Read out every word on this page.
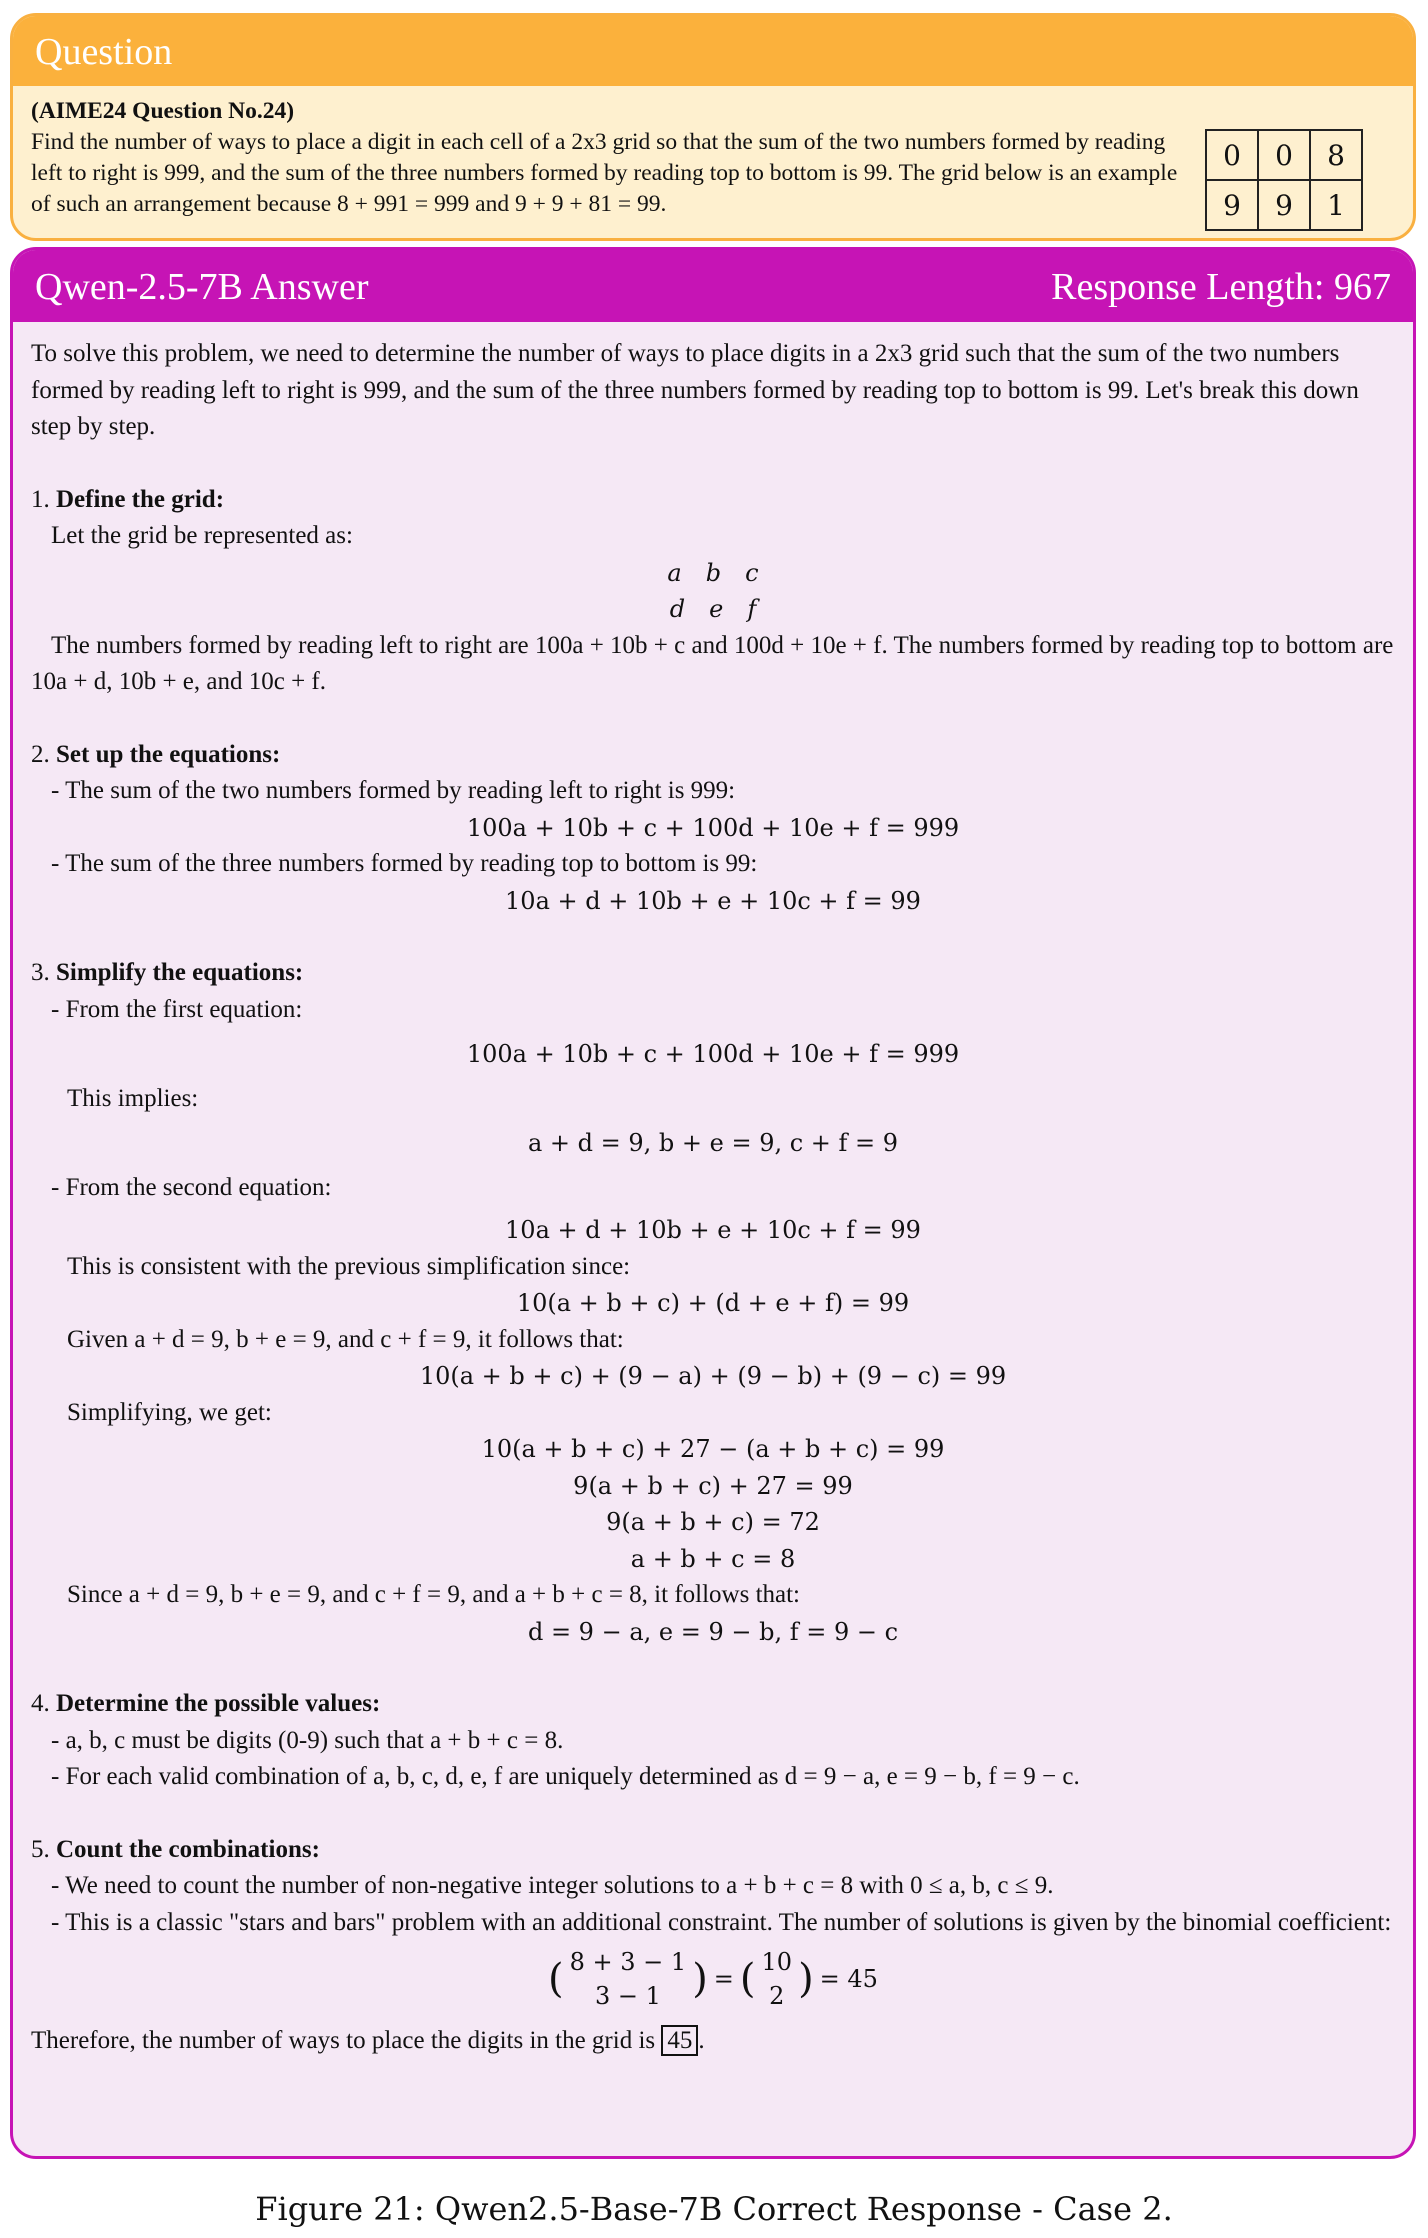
Question
(AIME24 Question No.24)
Find the number of ways to place a digit in each cell of a 2x3 grid so that the sum of the two numbers formed by reading left to right is 999, and the sum of the three numbers formed by reading top to bottom is 99. The grid below is an example of such an arrangement because 8 + 991 = 999 and 9 + 9 + 81 = 99.
0	0	8
9	9	1
Qwen-2.5-7B Answer	Response Length: 967

To solve this problem, we need to determine the number of ways to place digits in a 2x3 grid such that the sum of the two numbers formed by reading left to right is 999, and the sum of the three numbers formed by reading top to bottom is 99. Let's break this down step by step.

1. Define the grid:

Let the grid be represented as:

a b c
d e f

The numbers formed by reading left to right are 100a + 10b + c and 100d + 10e + f. The numbers formed by reading top to bottom are 10a + d, 10b + e, and 10c + f.

2. Set up the equations:

- The sum of the two numbers formed by reading left to right is 999:

100a + 10b + c + 100d + 10e + f = 999

- The sum of the three numbers formed by reading top to bottom is 99:

10a + d + 10b + e + 10c + f = 99

3. Simplify the equations:

- From the first equation:

100a + 10b + c + 100d + 10e + f = 999

This implies:

a + d = 9, b + e = 9, c + f = 9

- From the second equation:

10a + d + 10b + e + 10c + f = 99

This is consistent with the previous simplification since:

10(a + b + c) + (d + e + f) = 99

Given a + d = 9, b + e = 9, and c + f = 9, it follows that:

10(a + b + c) + (9 − a) + (9 − b) + (9 − c) = 99

Simplifying, we get:

10(a + b + c) + 27 − (a + b + c) = 99
9(a + b + c) + 27 = 99
9(a + b + c) = 72
a + b + c = 8

Since a + d = 9, b + e = 9, and c + f = 9, and a + b + c = 8, it follows that:

d = 9 − a, e = 9 − b, f = 9 − c

4. Determine the possible values:

- a, b, c must be digits (0-9) such that a + b + c = 8.

- For each valid combination of a, b, c, d, e, f are uniquely determined as d = 9 − a, e = 9 − b, f = 9 − c.

5. Count the combinations:

- We need to count the number of non-negative integer solutions to a + b + c = 8 with 0 ≤ a, b, c ≤ 9.

- This is a classic "stars and bars" problem with an additional constraint. The number of solutions is given by the binomial coefficient:

( 8 + 3 − 1
3 − 1 ) = ( 10
2 ) = 45

Therefore, the number of ways to place the digits in the grid is 45 .

Figure 21: Qwen2.5-Base-7B Correct Response - Case 2.
